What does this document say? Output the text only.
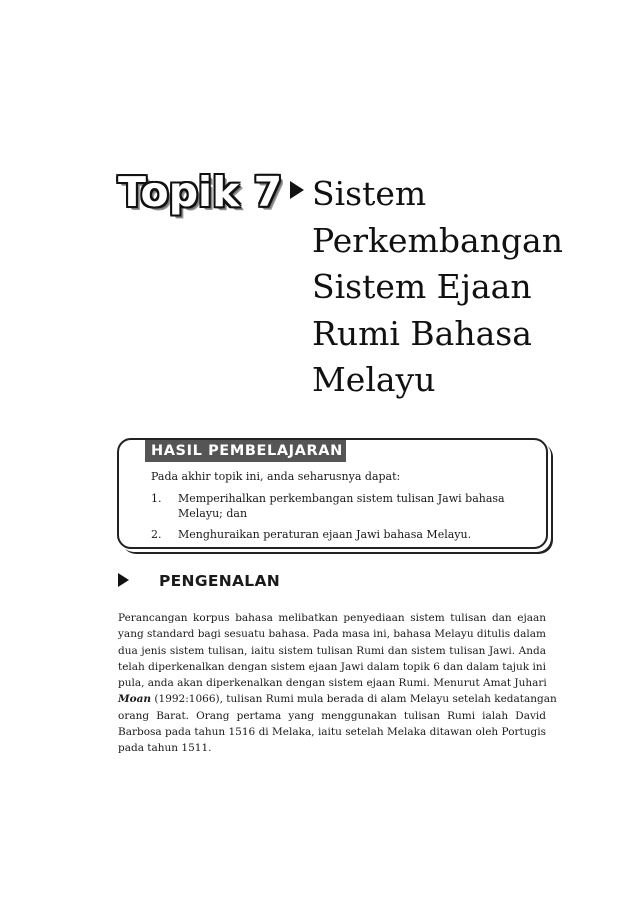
Topik 7 Sistem
Perkembangan
Sistem Ejaan
Rumi Bahasa
Melayu
HASIL PEMBELAJARAN
Pada akhir topik ini, anda seharusnya dapat:
1.	Memperihalkan perkembangan sistem tulisan Jawi bahasa Melayu; dan
2.	Menghuraikan peraturan ejaan Jawi bahasa Melayu.
PENGENALAN
Perancangan korpus bahasa melibatkan penyediaan sistem tulisan dan ejaan
yang standard bagi sesuatu bahasa. Pada masa ini, bahasa Melayu ditulis dalam
dua jenis sistem tulisan, iaitu sistem tulisan Rumi dan sistem tulisan Jawi. Anda
telah diperkenalkan dengan sistem ejaan Jawi dalam topik 6 dan dalam tajuk ini
pula, anda akan diperkenalkan dengan sistem ejaan Rumi. Menurut Amat Juhari
Moan (1992:1066), tulisan Rumi mula berada di alam Melayu setelah kedatangan
orang Barat. Orang pertama yang menggunakan tulisan Rumi ialah David
Barbosa pada tahun 1516 di Melaka, iaitu setelah Melaka ditawan oleh Portugis
pada tahun 1511.
